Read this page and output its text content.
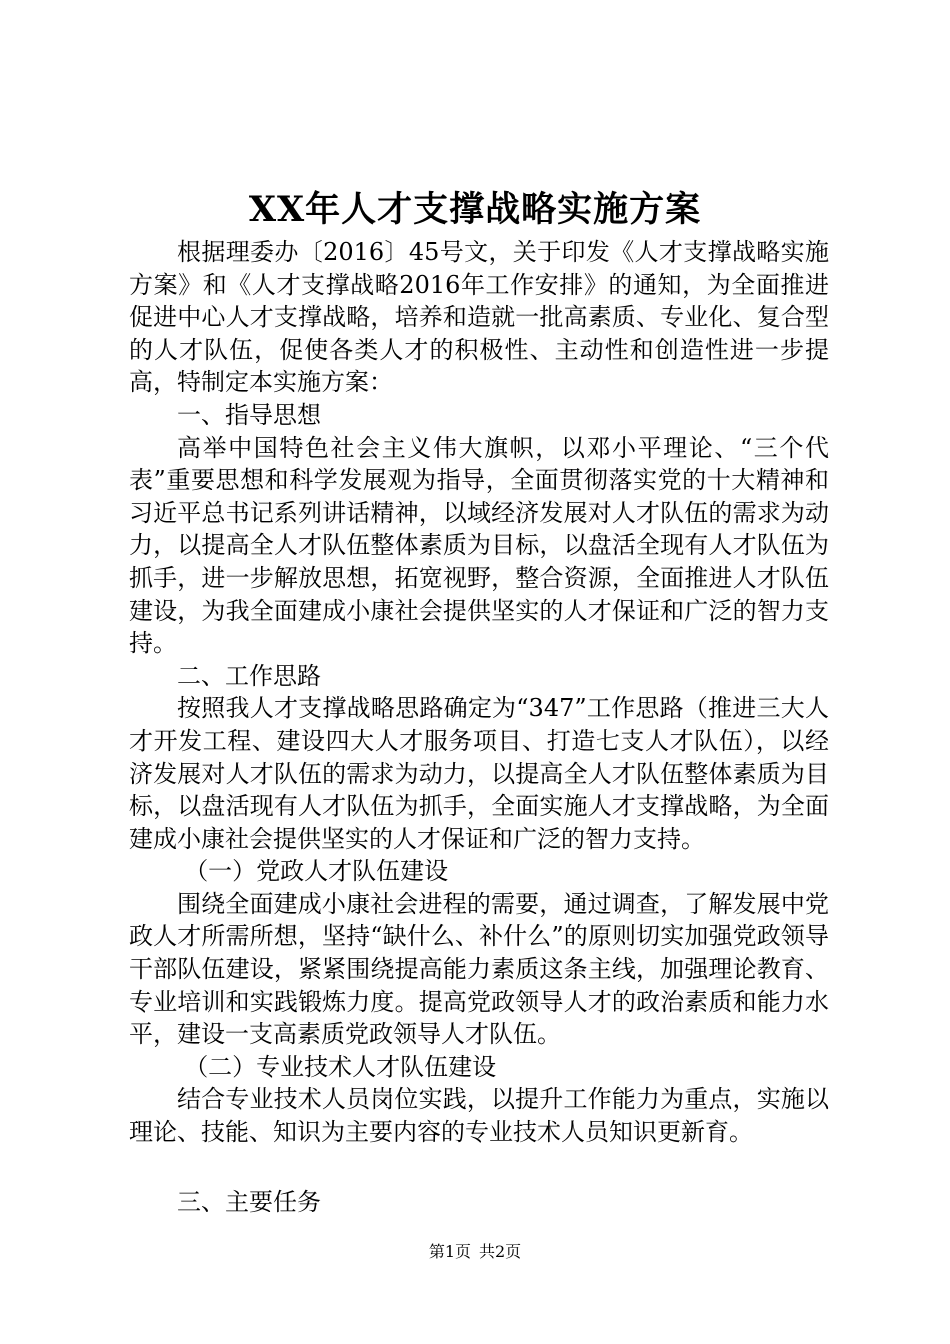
XX年人才支撑战略实施方案

根据理委办〔2016〕45号文，关于印发《人才支撑战略实施方案》和《人才支撑战略2016年工作安排》的通知，为全面推进促进中心人才支撑战略，培养和造就一批高素质、专业化、复合型的人才队伍，促使各类人才的积极性、主动性和创造性进一步提高，特制定本实施方案：

一、指导思想

高举中国特色社会主义伟大旗帜，以邓小平理论、“三个代表”重要思想和科学发展观为指导，全面贯彻落实党的十大精神和习近平总书记系列讲话精神，以域经济发展对人才队伍的需求为动力，以提高全人才队伍整体素质为目标，以盘活全现有人才队伍为抓手，进一步解放思想，拓宽视野，整合资源，全面推进人才队伍建设，为我全面建成小康社会提供坚实的人才保证和广泛的智力支持。

二、工作思路

按照我人才支撑战略思路确定为“347”工作思路（推进三大人才开发工程、建设四大人才服务项目、打造七支人才队伍），以经济发展对人才队伍的需求为动力，以提高全人才队伍整体素质为目标，以盘活现有人才队伍为抓手，全面实施人才支撑战略，为全面建成小康社会提供坚实的人才保证和广泛的智力支持。

（一）党政人才队伍建设

围绕全面建成小康社会进程的需要，通过调查，了解发展中党政人才所需所想，坚持“缺什么、补什么”的原则切实加强党政领导干部队伍建设，紧紧围绕提高能力素质这条主线，加强理论教育、专业培训和实践锻炼力度。提高党政领导人才的政治素质和能力水平，建设一支高素质党政领导人才队伍。

（二）专业技术人才队伍建设

结合专业技术人员岗位实践，以提升工作能力为重点，实施以理论、技能、知识为主要内容的专业技术人员知识更新育。

三、主要任务

第1页 共2页
